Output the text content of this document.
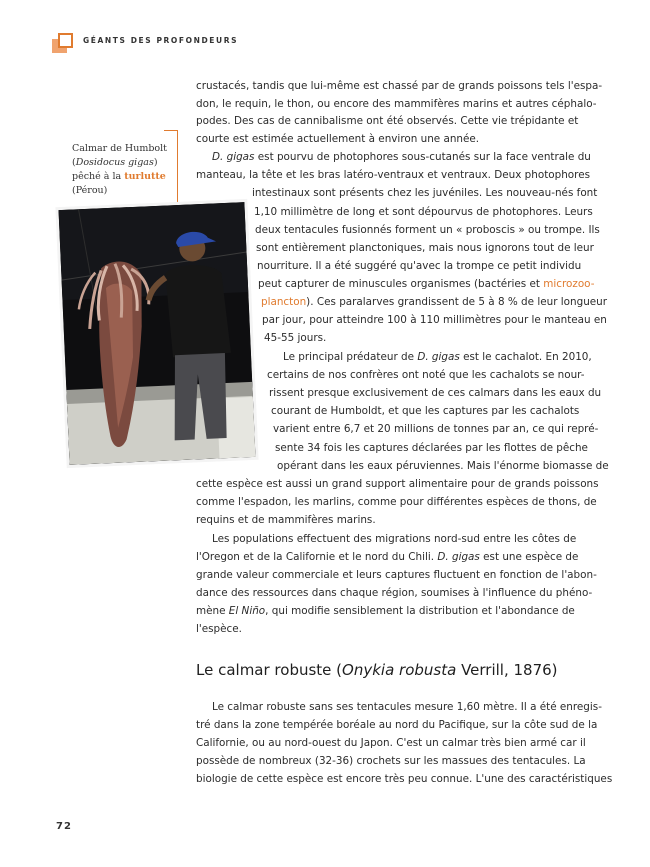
GÉANTS DES PROFONDEURS
Calmar de Humbolt
(Dosidocus gigas)
pêché à la turlutte
(Pérou)
crustacés, tandis que lui-même est chassé par de grands poissons tels l'espa-
don, le requin, le thon, ou encore des mammifères marins et autres céphalo-
podes. Des cas de cannibalisme ont été observés. Cette vie trépidante et
courte est estimée actuellement à environ une année.
D. gigas est pourvu de photophores sous-cutanés sur la face ventrale du
manteau, la tête et les bras latéro-ventraux et ventraux. Deux photophores
intestinaux sont présents chez les juvéniles. Les nouveau-nés font
1,10 millimètre de long et sont dépourvus de photophores. Leurs
deux tentacules fusionnés forment un « proboscis » ou trompe. Ils
sont entièrement planctoniques, mais nous ignorons tout de leur
nourriture. Il a été suggéré qu'avec la trompe ce petit individu
peut capturer de minuscules organismes (bactéries et microzoo-
plancton). Ces paralarves grandissent de 5 à 8 % de leur longueur
par jour, pour atteindre 100 à 110 millimètres pour le manteau en
45-55 jours.
Le principal prédateur de D. gigas est le cachalot. En 2010,
certains de nos confrères ont noté que les cachalots se nour-
rissent presque exclusivement de ces calmars dans les eaux du
courant de Humboldt, et que les captures par les cachalots
varient entre 6,7 et 20 millions de tonnes par an, ce qui repré-
sente 34 fois les captures déclarées par les flottes de pêche
opérant dans les eaux péruviennes. Mais l'énorme biomasse de
cette espèce est aussi un grand support alimentaire pour de grands poissons
comme l'espadon, les marlins, comme pour différentes espèces de thons, de
requins et de mammifères marins.
Les populations effectuent des migrations nord-sud entre les côtes de
l'Oregon et de la Californie et le nord du Chili. D. gigas est une espèce de
grande valeur commerciale et leurs captures fluctuent en fonction de l'abon-
dance des ressources dans chaque région, soumises à l'influence du phéno-
mène El Niño, qui modifie sensiblement la distribution et l'abondance de
l'espèce.
Le calmar robuste (Onykia robusta Verrill, 1876)
Le calmar robuste sans ses tentacules mesure 1,60 mètre. Il a été enregis-
tré dans la zone tempérée boréale au nord du Pacifique, sur la côte sud de la
Californie, ou au nord-ouest du Japon. C'est un calmar très bien armé car il
possède de nombreux (32-36) crochets sur les massues des tentacules. La
biologie de cette espèce est encore très peu connue. L'une des caractéristiques
72
